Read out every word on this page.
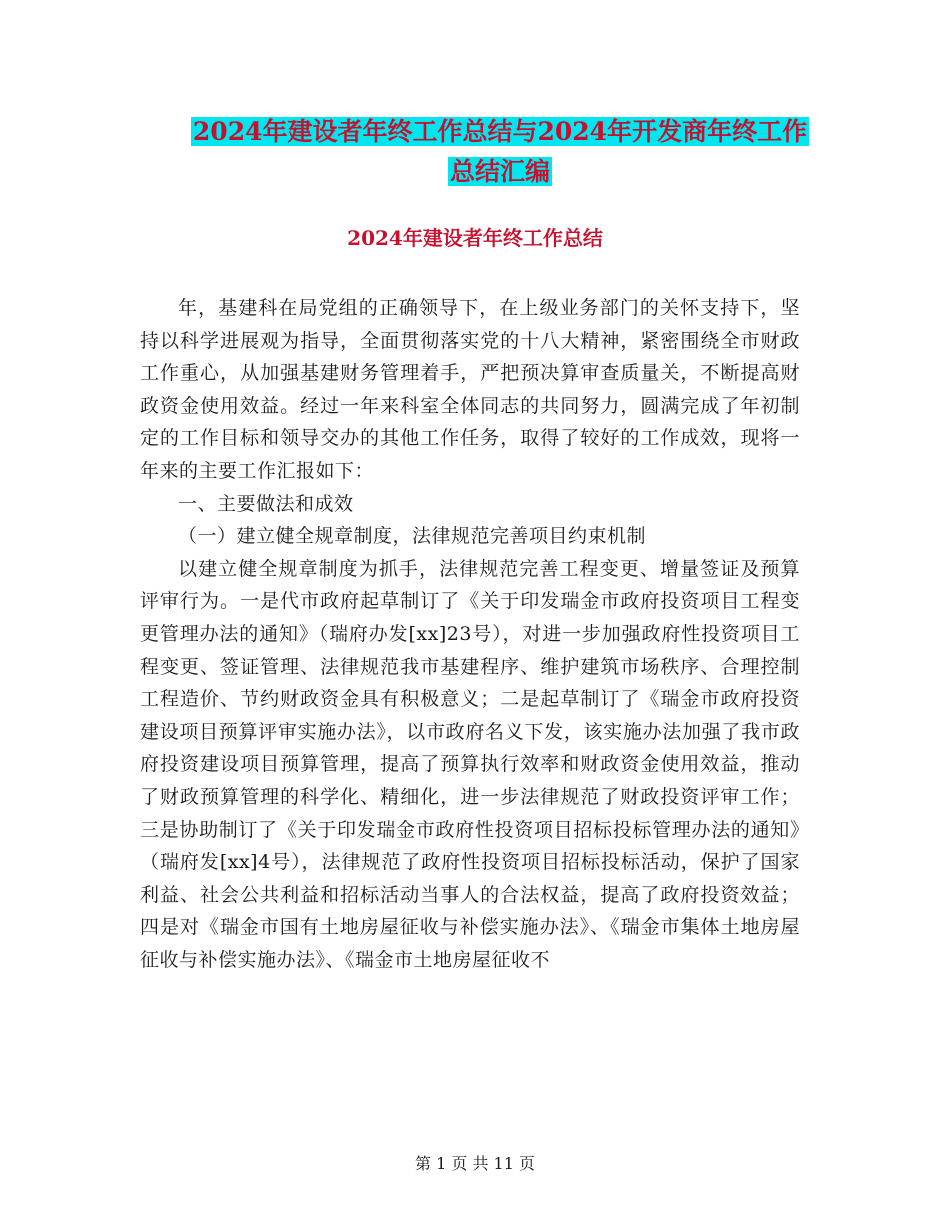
2024年建设者年终工作总结与2024年开发商年终工作
总结汇编
2024年建设者年终工作总结

年，基建科在局党组的正确领导下，在上级业务部门的关怀支持下，坚持以科学进展观为指导，全面贯彻落实党的十八大精神，紧密围绕全市财政工作重心，从加强基建财务管理着手，严把预决算审查质量关，不断提高财政资金使用效益。经过一年来科室全体同志的共同努力，圆满完成了年初制定的工作目标和领导交办的其他工作任务，取得了较好的工作成效，现将一年来的主要工作汇报如下：

一、主要做法和成效

（一）建立健全规章制度，法律规范完善项目约束机制

以建立健全规章制度为抓手，法律规范完善工程变更、增量签证及预算评审行为。一是代市政府起草制订了《关于印发瑞金市政府投资项目工程变更管理办法的通知》（瑞府办发[xx]23号），对进一步加强政府性投资项目工程变更、签证管理、法律规范我市基建程序、维护建筑市场秩序、合理控制工程造价、节约财政资金具有积极意义；二是起草制订了《瑞金市政府投资建设项目预算评审实施办法》，以市政府名义下发，该实施办法加强了我市政府投资建设项目预算管理，提高了预算执行效率和财政资金使用效益，推动了财政预算管理的科学化、精细化，进一步法律规范了财政投资评审工作；三是协助制订了《关于印发瑞金市政府性投资项目招标投标管理办法的通知》（瑞府发[xx]4号），法律规范了政府性投资项目招标投标活动，保护了国家利益、社会公共利益和招标活动当事人的合法权益，提高了政府投资效益；四是对《瑞金市国有土地房屋征收与补偿实施办法》、《瑞金市集体土地房屋征收与补偿实施办法》、《瑞金市土地房屋征收不

第 1 页 共 11 页
